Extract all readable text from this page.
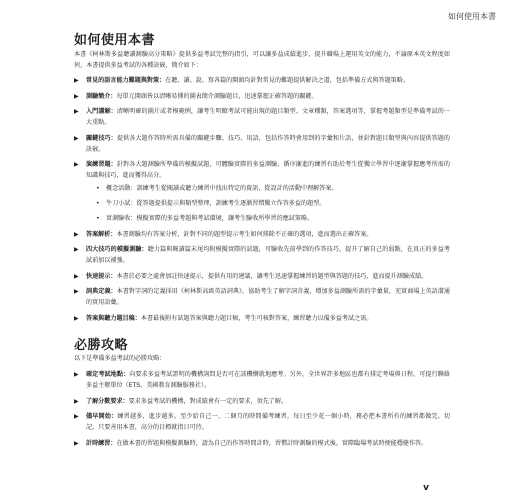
如何使用本書
如何使用本書
本書《柯林斯多益聽讀測驗高分策略》提供多益考試完整的指引，可以讓多益成績進步，提升職場上運用英文的能力，不論原本英文程度如何，本書提供多益考試的各種訣竅，簡介如下：
▶ 常見的語言能力難題與對策：在聽、讀、說、寫各篇的開頭均針對常見的難題提供解決之道，包括準備方式與答題策略。
▶ 測驗簡介：每單元開頭皆以清晰易懂的圖表簡介測驗題目，迅速掌握正確答題的關鍵。
▶ 入門講解：清晰明確的圖片或者模範例，讓考生明瞭考試可能出現的題目類型、文章種類，答案選項等，掌握考題類型是準備考試的一大重點。
▶ 關鍵技巧：提供各大題作答時所需具備的關鍵步驟、技巧、用語，包括作答時會用到的字彙和片語，並針對題目類型與內容提供答題的訣竅。
▶ 演練習題：針對各大題測驗所準備的模擬試題，可體驗實際的多益測驗，循序漸進的練習有助於考生從獨立學習中逐漸掌握應考所需的知識與技巧，進而獲得高分。
• 概念活動：訓練考生從閱讀或聽力練習中找出特定的資訊，從設計的活動中理解答案。
• 牛刀小試：從答題提供提示與類型整理，訓練考生逐漸習慣獨立作答多益的題型。
• 實測驗收：模擬實際的多益考題與考試環境，讓考生驗收所學習的應試策略。
▶ 答案解析：本書測驗均有答案分析，針對不同的題型提示考生如何排除不正確的選項，進而選出正確答案。
▶ 四大技巧的模擬測驗：聽力篇與閱讀篇末尾均附模擬實際的試題，可驗收先前學到的作答技巧，提升了解自己的弱點，在真正的多益考試前加以補強。
▶ 快速提示：本書於必要之處會加註快速提示，提供有用的建議，讓考生迅速掌握練習的題型與答題的技巧，進而提升測驗成績。
▶ 詞典定義：本書對字詞的定義採用《柯林斯高級英語詞典》，協助考生了解字詞含義，增加多益測驗所需的字彙量，充實商場上英語溝通的實用語彙。
▶ 答案與聽力題目稿：本書最後附有試題答案與聽力題目稿，考生可核對答案，練習聽力以備多益考試之需。
必勝攻略
以下是準備多益考試的必勝攻略：
▶ 確定考試地點：向要求多益考試證明的機構詢問是否可在該機構就地應考。另外，全世界許多地區也都有排定考場與日程，可提行聯絡多益主辦單位（ETS，美國教育測驗服務社）。
▶ 了解分數要求：要求多益考試的機構，對成績會有一定的要求，須先了解。
▶ 儘早開始：練習越多，進步越多。至少給自己一、二個月的時間備考練習，每日至少花一個小時，務必把本書所有的練習都做完。切記，只要善用本書，高分的目標就指日可待。
▶ 計時練習：在做本書的習題與模擬測驗時，請為自己的作答時間計時，習慣計時測驗的模式後，實際臨場考試時便能穩健作答。
v
